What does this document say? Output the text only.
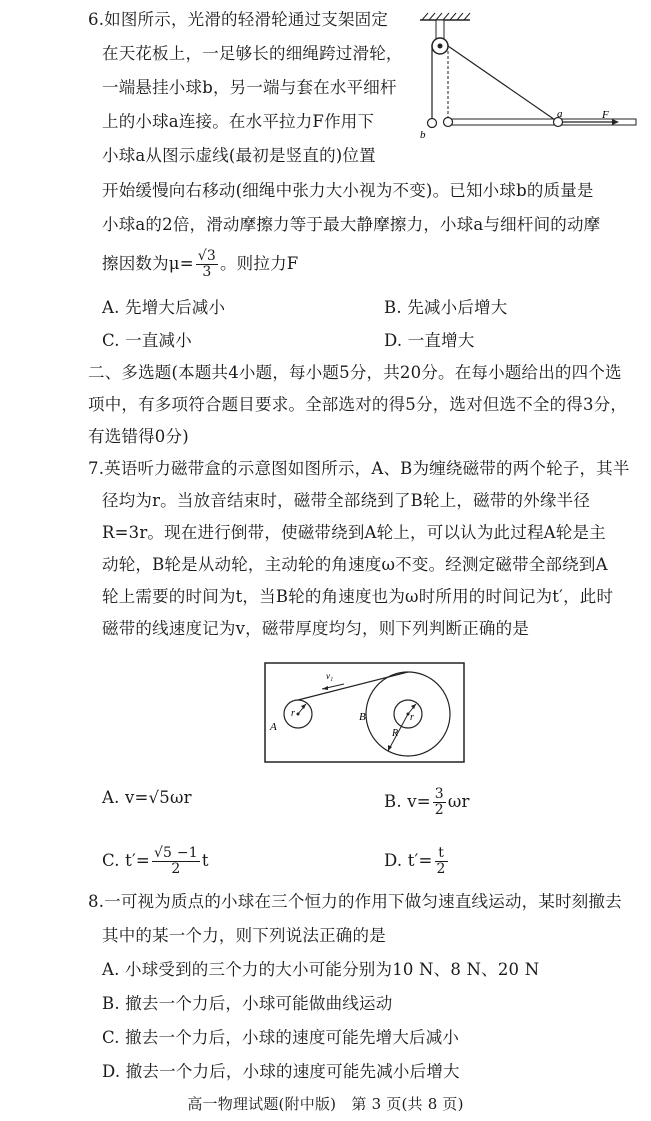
6.如图所示，光滑的轻滑轮通过支架固定
在天花板上，一足够长的细绳跨过滑轮，
一端悬挂小球b，另一端与套在水平细杆
上的小球a连接。在水平拉力F作用下
小球a从图示虚线(最初是竖直的)位置
开始缓慢向右移动(细绳中张力大小视为不变)。已知小球b的质量是
小球a的2倍，滑动摩擦力等于最大静摩擦力，小球a与细杆间的动摩
擦因数为$\mu= \frac{√3}{3}$ 。则拉力F
b
a	F
A. 先增大后减小	B. 先减小后增大
C. 一直减小	D. 一直增大
二、多选题(本题共4小题，每小题5分，共20分。在每小题给出的四个选
项中，有多项符合题目要求。全部选对的得5分，选对但选不全的得3分，
有选错得0分)
7.英语听力磁带盒的示意图如图所示，A、B为缠绕磁带的两个轮子，其半
径均为r。当放音结束时，磁带全部绕到了B轮上，磁带的外缘半径
R=3r。现在进行倒带，使磁带绕到A轮上，可以认为此过程A轮是主
动轮，B轮是从动轮，主动轮的角速度ω不变。经测定磁带全部绕到A
轮上需要的时间为t，当B轮的角速度也为ω时所用的时间记为t′，此时
磁带的线速度记为v，磁带厚度均匀，则下列判断正确的是
r
A
r
R
B
v₁
A. v=√5ωr	B. $v= \frac{3}{2}$ ωr
C. $t'= \frac{√5 -1}{2}$ t	D. $t'= \frac{t}{2}$
8.一可视为质点的小球在三个恒力的作用下做匀速直线运动，某时刻撤去
其中的某一个力，则下列说法正确的是
A. 小球受到的三个力的大小可能分别为10 N、8 N、20 N
B. 撤去一个力后，小球可能做曲线运动
C. 撤去一个力后，小球的速度可能先增大后减小
D. 撤去一个力后，小球的速度可能先减小后增大
高一物理试题(附中版)　第 3 页(共 8 页)
